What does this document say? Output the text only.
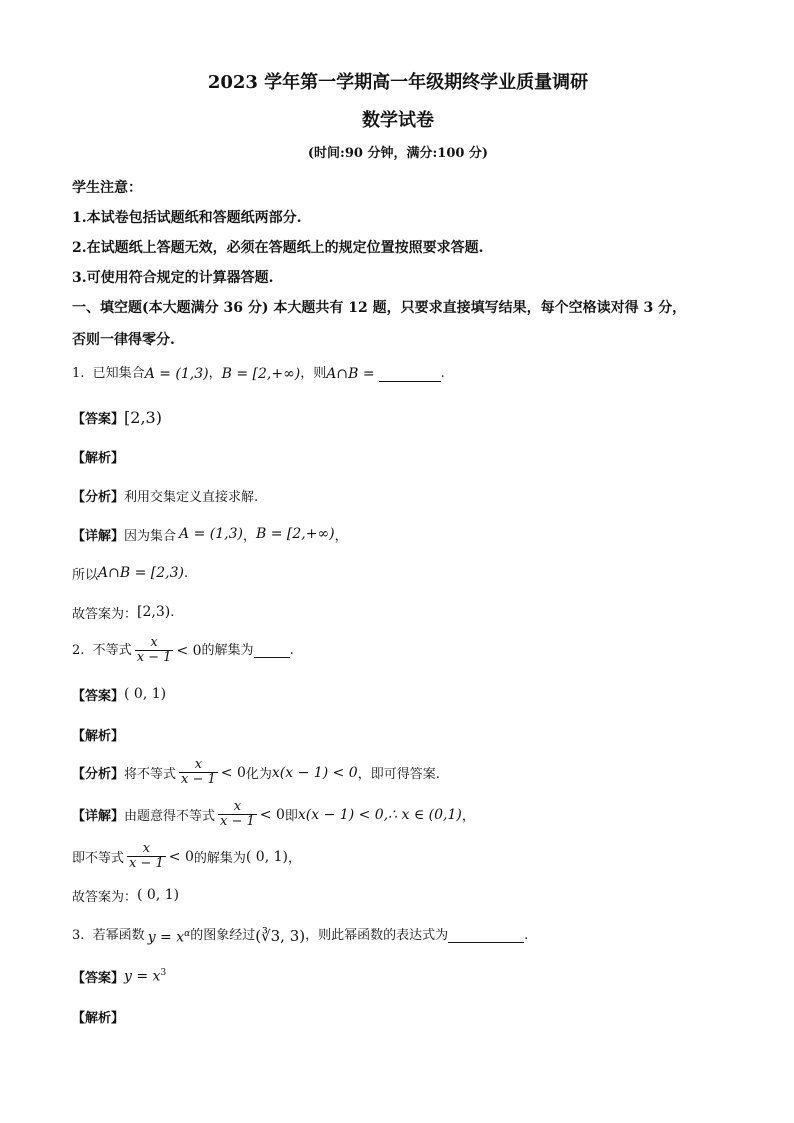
2023 学年第一学期高一年级期终学业质量调研

数学试卷

(时间:90 分钟，满分:100 分)

学生注意：

1.本试卷包括试题纸和答题纸两部分.

2.在试题纸上答题无效，必须在答题纸上的规定位置按照要求答题.

3.可使用符合规定的计算器答题.

一、填空题(本大题满分 36 分) 本大题共有 12 题，只要求直接填写结果，每个空格读对得 3 分，
否则一律得零分.
1.
已知集合 A = (1,3) ， B = [2,+∞) ，则 A∩B =	.
【答案】 [2,3)
【解析】
【分析】 利用交集定义直接求解.
【详解】 因为集合 A = (1,3) ， B = [2,+∞) ，
所以 A∩B = [2,3) .
故答案为： [2,3) .
2.
不等式 $\frac{x}{x - 1} < 0$ 的解集为	.
【答案】 ( 0, 1)
【解析】
【分析】 将不等式 $\frac{x}{x - 1} < 0$ 化为 x(x − 1) < 0 ，即可得答案.
【详解】 由题意得不等式 $\frac{x}{x - 1} < 0$ 即 x(x − 1) < 0,∴ x ∈ (0,1) ，
即不等式 $\frac{x}{x - 1} < 0$ 的解集为 ( 0, 1) ，
故答案为： ( 0, 1)
3.
若幂函数 $y = x^\alpha$ 的图象经过 (∛3, 3) ，则此幂函数的表达式为	.
【答案】 $y = x^3$
【解析】
